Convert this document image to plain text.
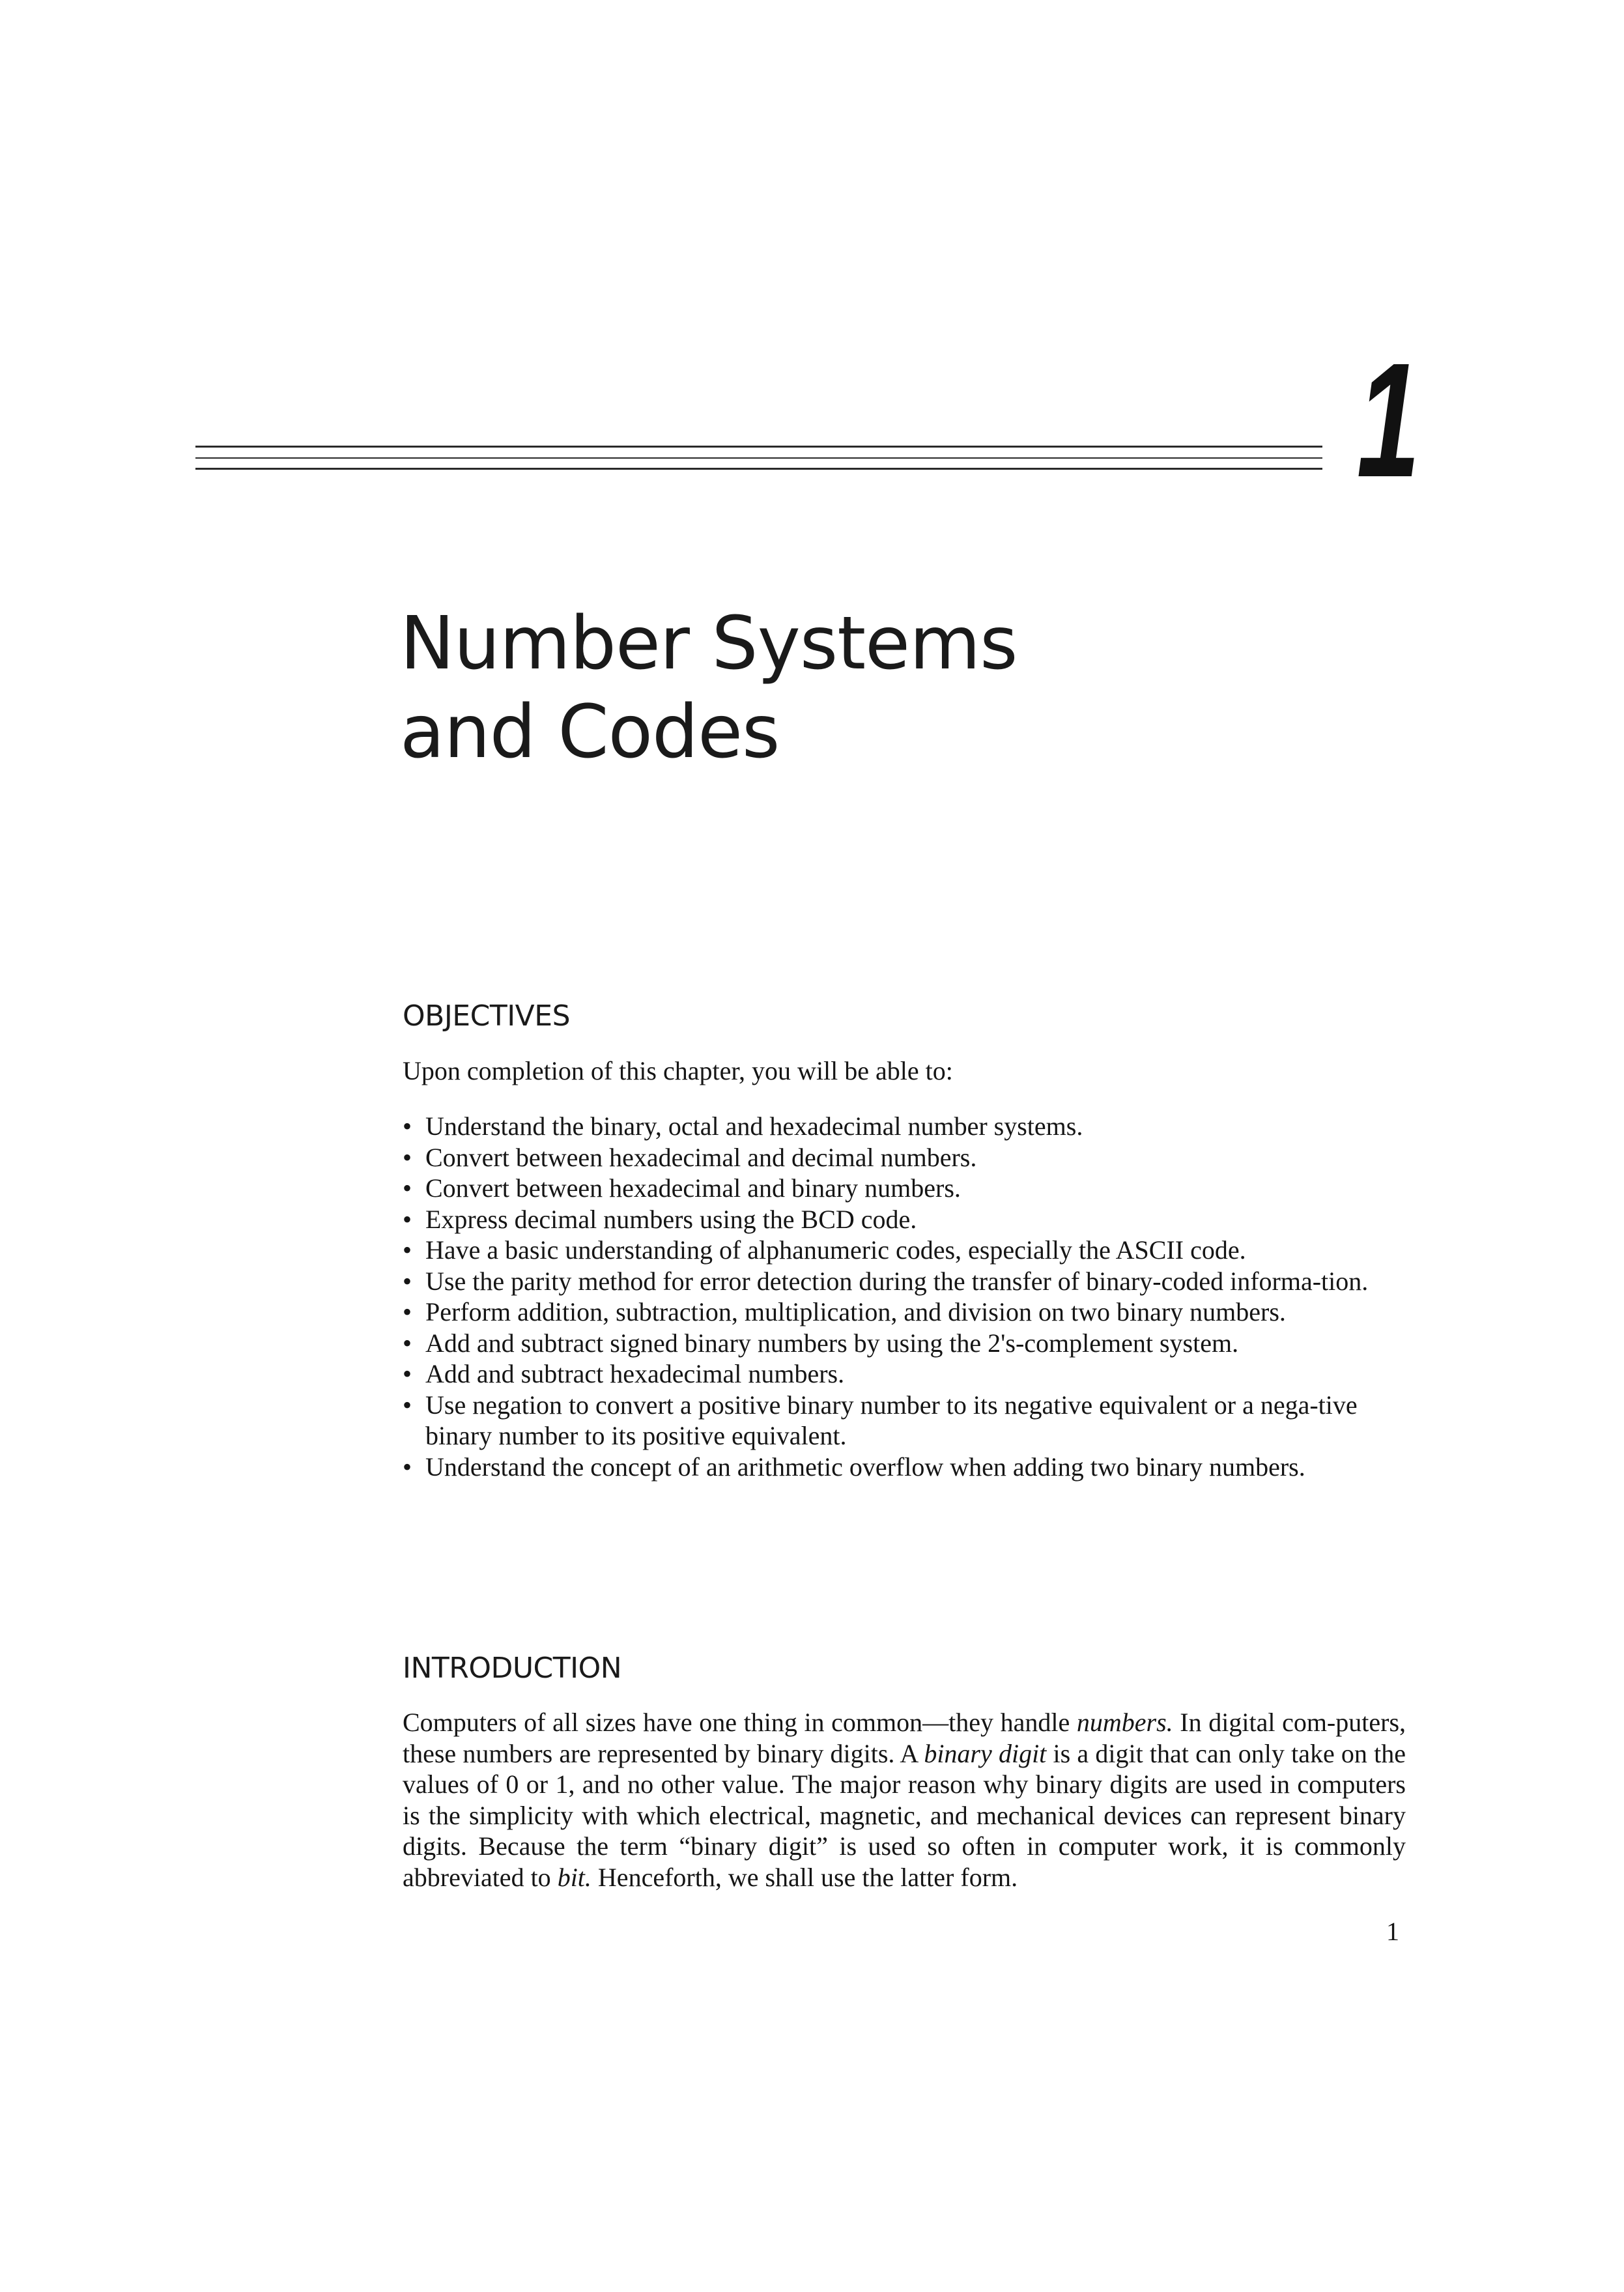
1
Number Systems
and Codes
OBJECTIVES

Upon completion of this chapter, you will be able to:

• Understand the binary, octal and hexadecimal number systems.
• Convert between hexadecimal and decimal numbers.
• Convert between hexadecimal and binary numbers.
• Express decimal numbers using the BCD code.
• Have a basic understanding of alphanumeric codes, especially the ASCII code.
• Use the parity method for error detection during the transfer of binary-coded informa-tion.
• Perform addition, subtraction, multiplication, and division on two binary numbers.
• Add and subtract signed binary numbers by using the 2's-complement system.
• Add and subtract hexadecimal numbers.
• Use negation to convert a positive binary number to its negative equivalent or a nega-tive binary number to its positive equivalent.
• Understand the concept of an arithmetic overflow when adding two binary numbers.
INTRODUCTION

Computers of all sizes have one thing in common—they handle numbers. In digital com-puters, these numbers are represented by binary digits. A binary digit is a digit that can only take on the values of 0 or 1, and no other value. The major reason why binary digits are used in computers is the simplicity with which electrical, magnetic, and mechanical devices can represent binary digits. Because the term “binary digit” is used so often in computer work, it is commonly abbreviated to bit. Henceforth, we shall use the latter form.

1
